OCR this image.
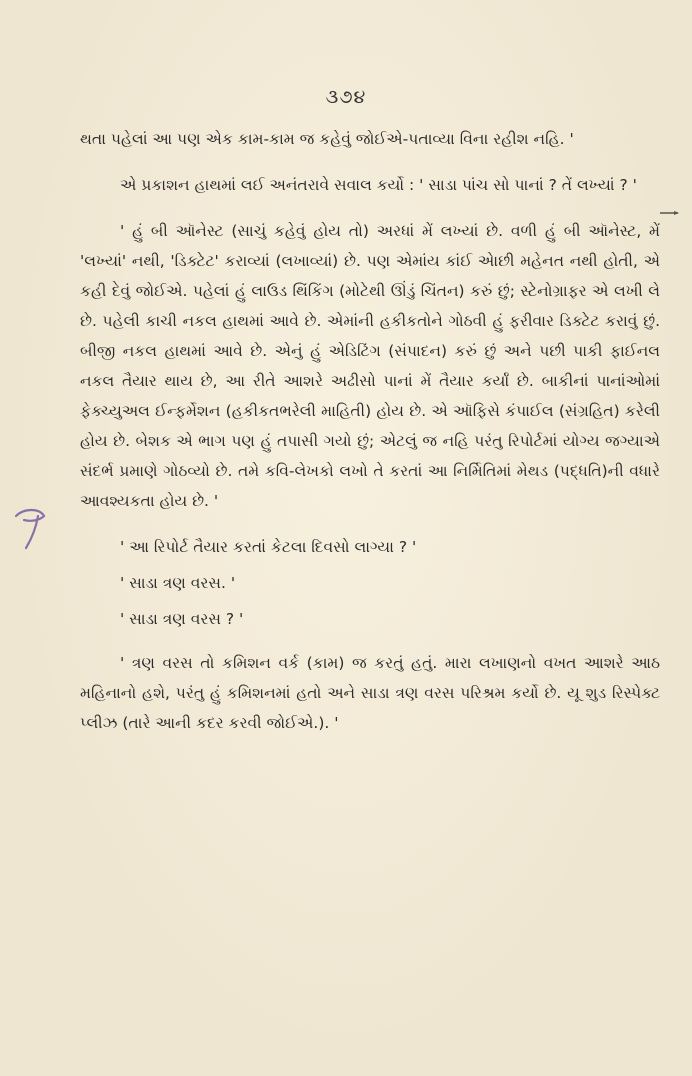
૩૭૪

થતા પહેલાં આ પણ એક કામ-કામ જ કહેવું જોઈએ-પતાવ્યા વિના રહીશ નહિ. '

એ પ્રકાશન હાથમાં લઈ અનંતરાવે સવાલ કર્યો : ' સાડા પાંચ સો પાનાં ? તેં લખ્યાં ? '

' હું બી ઑનેસ્ટ (સાચું કહેવું હોય તો) અરધાં મેં લખ્યાં છે. વળી હું બી ઑનેસ્ટ, મેં 'લખ્યાં' નથી, 'ડિક્ટેટ' કરાવ્યાં (લખાવ્યાં) છે. પણ એમાંય કાંઈ એાછી મહેનત નથી હોતી, એ કહી દેવું જોઈએ. પહેલાં હું લાઉડ થિંકિંગ (મોટેથી ઊંડું ચિંતન) કરું છું; સ્ટેનોગ્રાફર એ લખી લે છે. પહેલી કાચી નકલ હાથમાં આવે છે. એમાંની હકીકતોને ગોઠવી હું ફરીવાર ડિક્ટેટ કરાવું છું. બીજી નકલ હાથમાં આવે છે. એનું હું એડિટિંગ (સંપાદન) કરું છું અને પછી પાકી ફાઈનલ નકલ તૈયાર થાય છે, આ રીતે આશરે અઢીસો પાનાં મેં તૈયાર કર્યાં છે. બાકીનાં પાનાંઓમાં ફેક્ચ્યુઅલ ઈન્ફર્મેશન (હકીકતભરેલી માહિતી) હોય છે. એ ઑફિસે કંપાઈલ (સંગ્રહિત) કરેલી હોય છે. બેશક એ ભાગ પણ હું તપાસી ગયો છું; એટલું જ નહિ પરંતુ રિપોર્ટમાં યોગ્ય જગ્યાએ સંદર્ભ પ્રમાણે ગોઠવ્યો છે. તમે કવિ-લેખકો લખો તે કરતાં આ નિર્મિતિમાં મેથડ (પદ્ધતિ)ની વધારે આવશ્યકતા હોય છે. '

' આ રિપોર્ટ તૈયાર કરતાં કેટલા દિવસો લાગ્યા ? '

' સાડા ત્રણ વરસ. '

' સાડા ત્રણ વરસ ? '

' ત્રણ વરસ તો કમિશન વર્ક (કામ) જ કરતું હતું. મારા લખાણનો વખત આશરે આઠ મહિનાનો હશે, પરંતુ હું કમિશનમાં હતો અને સાડા ત્રણ વરસ પરિશ્રમ કર્યો છે. યૂ શુડ રિસ્પેક્ટ પ્લીઝ (તારે આની કદર કરવી જોઈએ.). '
